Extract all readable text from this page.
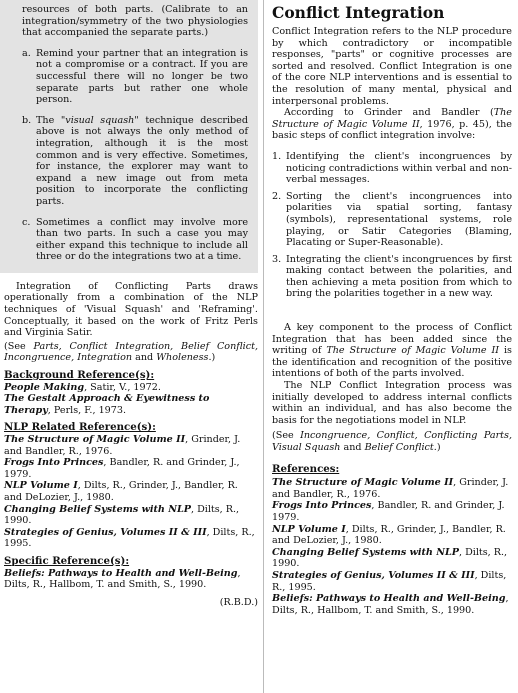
resources of both parts. (Calibrate to an integration/symmetry of the two physiologies that accompanied the separate parts.)

a. Remind your partner that an integration is not a compromise or a contract. If you are successful there will no longer be two separate parts but rather one whole person.
b. The "visual squash" technique described above is not always the only method of integration, although it is the most common and is very effective. Sometimes, for instance, the explorer may want to expand a new image out from meta position to incorporate the conflicting parts.
c. Sometimes a conflict may involve more than two parts. In such a case you may either expand this technique to include all three or do the integrations two at a time.

Integration of Conflicting Parts draws operationally from a combination of the NLP techniques of 'Visual Squash' and 'Reframing'. Conceptually, it based on the work of Fritz Perls and Virginia Satir.

(See Parts, Conflict Integration, Belief Conflict, Incongruence, Integration and Wholeness.)

Background Reference(s):

People Making, Satir, V., 1972.

The Gestalt Approach & Eyewitness to Therapy, Perls, F., 1973.

NLP Related Reference(s):

The Structure of Magic Volume II, Grinder, J. and Bandler, R., 1976.

Frogs Into Princes, Bandler, R. and Grinder, J., 1979.

NLP Volume I, Dilts, R., Grinder, J., Bandler, R. and DeLozier, J., 1980.

Changing Belief Systems with NLP, Dilts, R., 1990.

Strategies of Genius, Volumes II & III, Dilts, R., 1995.

Specific Reference(s):

Beliefs: Pathways to Health and Well-Being, Dilts, R., Hallbom, T. and Smith, S., 1990.

(R.B.D.)

Conflict Integration

Conflict Integration refers to the NLP procedure by which contradictory or incompatible responses, "parts" or cognitive processes are sorted and resolved. Conflict Integration is one of the core NLP interventions and is essential to the resolution of many mental, physical and interpersonal problems.

According to Grinder and Bandler (The Structure of Magic Volume II, 1976, p. 45), the basic steps of conflict integration involve:

1. Identifying the client's incongruences by noticing contradictions within verbal and non-verbal messages.
2. Sorting the client's incongruences into polarities via spatial sorting, fantasy (symbols), representational systems, role playing, or Satir Categories (Blaming, Placating or Super-Reasonable).
3. Integrating the client's incongruences by first making contact between the polarities, and then achieving a meta position from which to bring the polarities together in a new way.

A key component to the process of Conflict Integration that has been added since the writing of The Structure of Magic Volume II is the identification and recognition of the positive intentions of both of the parts involved.

The NLP Conflict Integration process was initially developed to address internal conflicts within an individual, and has also become the basis for the negotiations model in NLP.

(See Incongruence, Conflict, Conflicting Parts, Visual Squash and Belief Conflict.)

References:

The Structure of Magic Volume II, Grinder, J. and Bandler, R., 1976.

Frogs Into Princes, Bandler, R. and Grinder, J. 1979.

NLP Volume I, Dilts, R., Grinder, J., Bandler, R. and DeLozier, J., 1980.

Changing Belief Systems with NLP, Dilts, R., 1990.

Strategies of Genius, Volumes II & III, Dilts, R., 1995.

Beliefs: Pathways to Health and Well-Being, Dilts, R., Hallbom, T. and Smith, S., 1990.
